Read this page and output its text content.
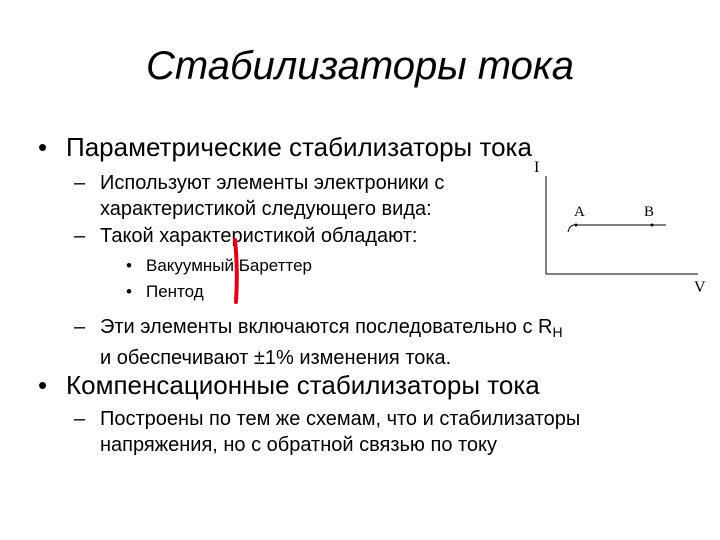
Стабилизаторы тока
• Параметрические стабилизаторы тока
– Используют элементы электроники с характеристикой следующего вида:
– Такой характеристикой обладают:
• Вакуумный Бареттер
• Пентод
– Эти элементы включаются последовательно с $R_Н$
и обеспечивают ±1% изменения тока.
• Компенсационные стабилизаторы тока
– Построены по тем же схемам, что и стабилизаторы напряжения, но с обратной связью по току
I
V
A	B
